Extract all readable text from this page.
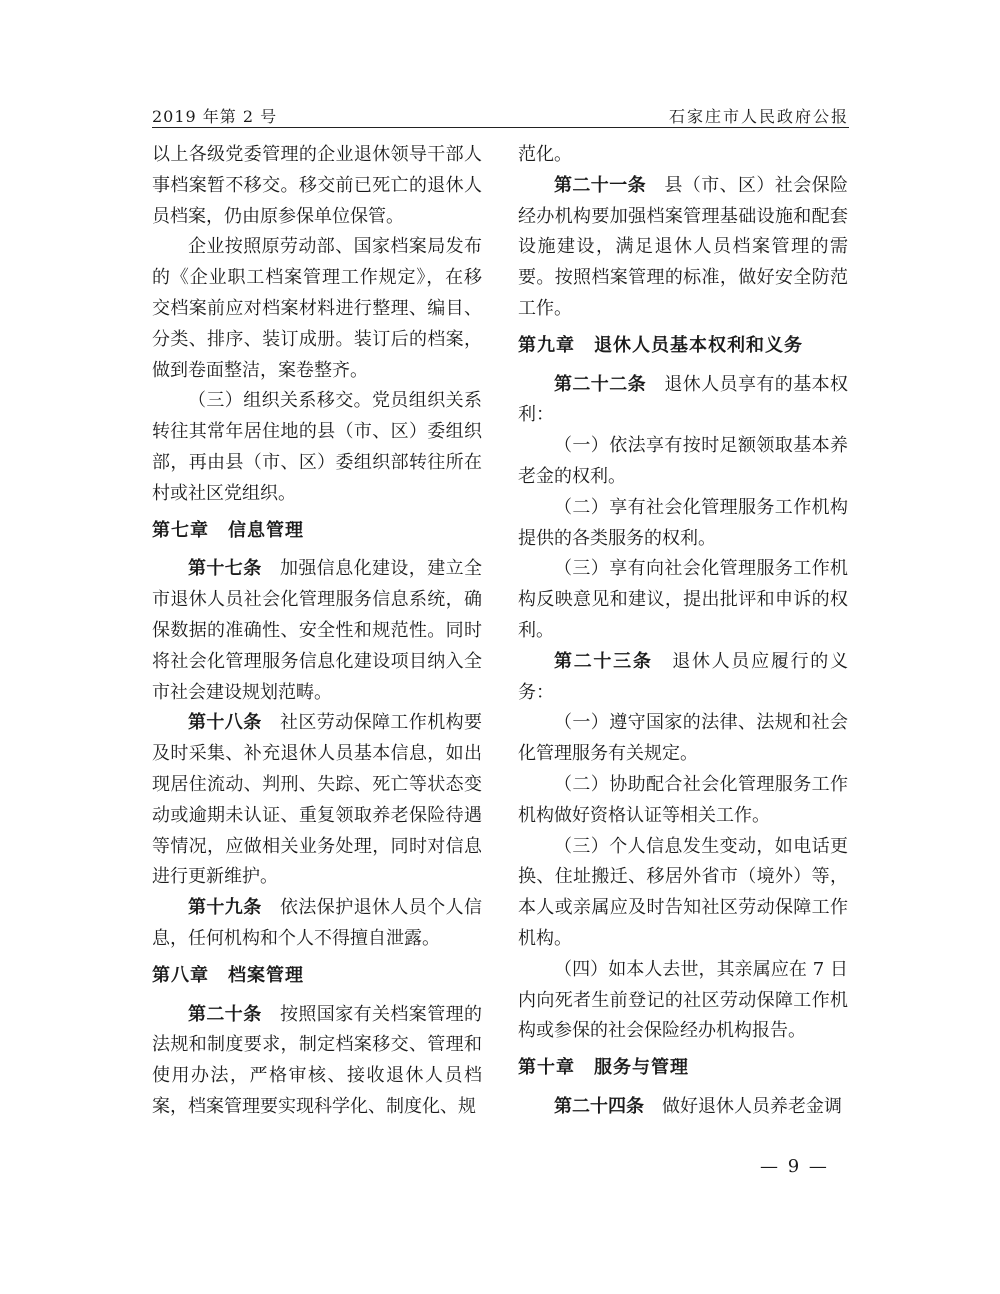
2019 年第 2 号	石家庄市人民政府公报

以上各级党委管理的企业退休领导干部人事档案暂不移交。移交前已死亡的退休人员档案，仍由原参保单位保管。

企业按照原劳动部、国家档案局发布的《企业职工档案管理工作规定》，在移交档案前应对档案材料进行整理、编目、分类、排序、装订成册。装订后的档案，做到卷面整洁，案卷整齐。

（三）组织关系移交。党员组织关系转往其常年居住地的县（市、区）委组织部，再由县（市、区）委组织部转往所在村或社区党组织。

第七章　信息管理

第十七条　加强信息化建设，建立全市退休人员社会化管理服务信息系统，确保数据的准确性、安全性和规范性。同时将社会化管理服务信息化建设项目纳入全市社会建设规划范畴。

第十八条　社区劳动保障工作机构要及时采集、补充退休人员基本信息，如出现居住流动、判刑、失踪、死亡等状态变动或逾期未认证、重复领取养老保险待遇等情况，应做相关业务处理，同时对信息进行更新维护。

第十九条　依法保护退休人员个人信息，任何机构和个人不得擅自泄露。

第八章　档案管理

第二十条　按照国家有关档案管理的法规和制度要求，制定档案移交、管理和使用办法，严格审核、接收退休人员档案，档案管理要实现科学化、制度化、规

范化。

第二十一条　县（市、区）社会保险经办机构要加强档案管理基础设施和配套设施建设，满足退休人员档案管理的需要。按照档案管理的标准，做好安全防范工作。

第九章　退休人员基本权利和义务

第二十二条　退休人员享有的基本权利：

（一）依法享有按时足额领取基本养老金的权利。

（二）享有社会化管理服务工作机构提供的各类服务的权利。

（三）享有向社会化管理服务工作机构反映意见和建议，提出批评和申诉的权利。

第二十三条　退休人员应履行的义务：

（一）遵守国家的法律、法规和社会化管理服务有关规定。

（二）协助配合社会化管理服务工作机构做好资格认证等相关工作。

（三）个人信息发生变动，如电话更换、住址搬迁、移居外省市（境外）等，本人或亲属应及时告知社区劳动保障工作机构。

（四）如本人去世，其亲属应在 7 日内向死者生前登记的社区劳动保障工作机构或参保的社会保险经办机构报告。

第十章　服务与管理

第二十四条　做好退休人员养老金调

— 9 —
